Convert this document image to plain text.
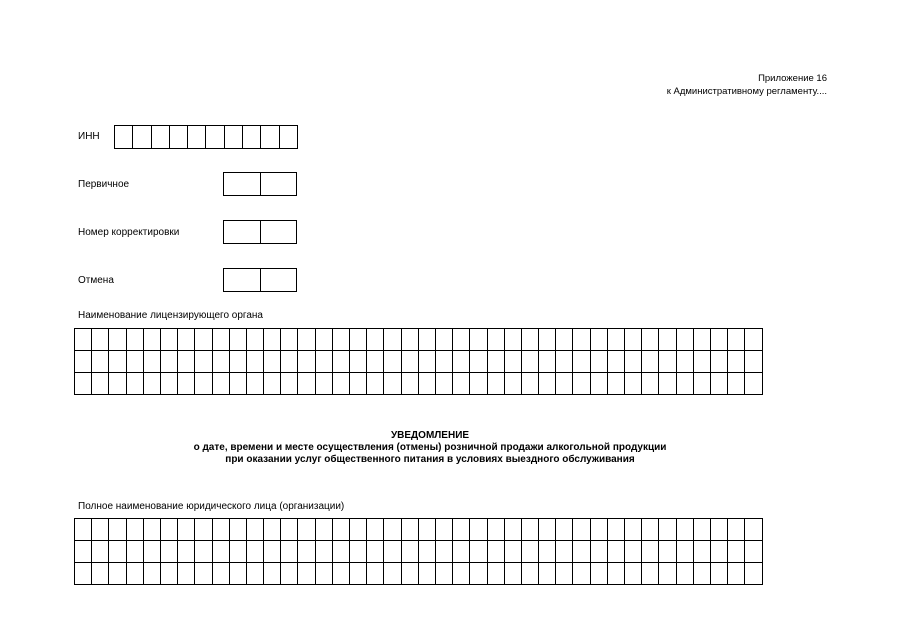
Приложение 16
к Административному регламенту....
ИНН
Первичное
Номер корректировки
Отмена
Наименование лицензирующего органа

УВЕДОМЛЕНИЕ
о дате, времени и месте осуществления (отмены) розничной продажи алкогольной продукции
при оказании услуг общественного питания в условиях выездного обслуживания
Полное наименование юридического лица (организации)
